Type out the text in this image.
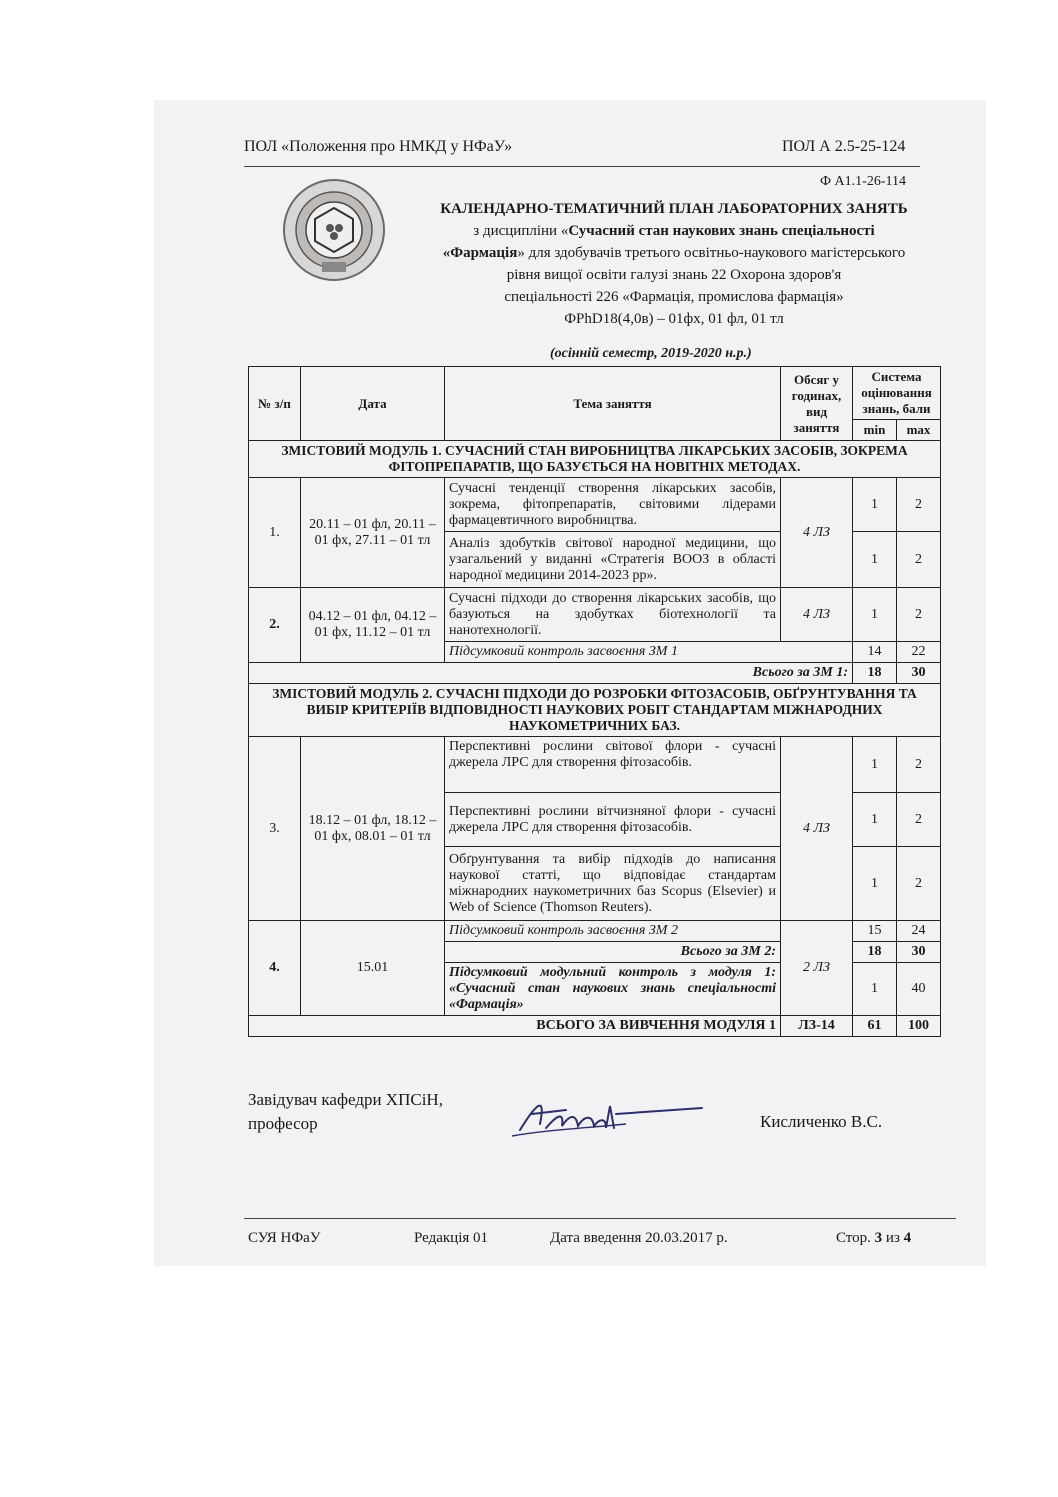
ПОЛ «Положення про НМКД у НФаУ»	ПОЛ А 2.5-25-124
Ф А1.1-26-114
КАЛЕНДАРНО-ТЕМАТИЧНИЙ ПЛАН ЛАБОРАТОРНИХ ЗАНЯТЬ
з дисципліни «Сучасний стан наукових знань спеціальності
«Фармація» для здобувачів третього освітньо-наукового магістерського
рівня вищої освіти галузі знань 22 Охорона здоров'я
спеціальності 226 «Фармація, промислова фармація»
ФPhD18(4,0в) – 01фх, 01 фл, 01 тл
(осінній семестр, 2019-2020 н.р.)
№ з/п	Дата	Тема заняття	Обсяг у годинах, вид заняття	Система оцінювання знань, бали	
				min	max
ЗМІСТОВИЙ МОДУЛЬ 1. СУЧАСНИЙ СТАН ВИРОБНИЦТВА ЛІКАРСЬКИХ ЗАСОБІВ, ЗОКРЕМА ФІТОПРЕПАРАТІВ, ЩО БАЗУЄТЬСЯ НА НОВІТНІХ МЕТОДАХ.					
1.	20.11 – 01 фл, 20.11 – 01 фх, 27.11 – 01 тл	Сучасні тенденції створення лікарських засобів, зокрема, фітопрепаратів, світовими лідерами фармацевтичного виробництва.	4 ЛЗ	1	2
		Аналіз здобутків світової народної медицини, що узагальений у виданні «Стратегія ВООЗ в області народної медицини 2014-2023 рр».		1	2
2.	04.12 – 01 фл, 04.12 – 01 фх, 11.12 – 01 тл	Сучасні підходи до створення лікарських засобів, що базуються на здобутках біотехнології та нанотехнології.	4 ЛЗ	1	2
		Підсумковий контроль засвоєння ЗМ 1		14	22
Всього за ЗМ 1:				18	30
ЗМІСТОВИЙ МОДУЛЬ 2. СУЧАСНІ ПІДХОДИ ДО РОЗРОБКИ ФІТОЗАСОБІВ, ОБҐРУНТУВАННЯ ТА ВИБІР КРИТЕРІЇВ ВІДПОВІДНОСТІ НАУКОВИХ РОБІТ СТАНДАРТАМ МІЖНАРОДНИХ НАУКОМЕТРИЧНИХ БАЗ.					
3.	18.12 – 01 фл, 18.12 – 01 фх, 08.01 – 01 тл	Перспективні рослини світової флори - сучасні джерела ЛРС для створення фітозасобів.	4 ЛЗ	1	2
		Перспективні рослини вітчизняної флори - сучасні джерела ЛРС для створення фітозасобів.		1	2
		Обґрунтування та вибір підходів до написання наукової статті, що відповідає стандартам міжнародних наукометричних баз Scopus (Elsevier) и Web of Science (Thomson Reuters).		1	2
4.	15.01	Підсумковий контроль засвоєння ЗМ 2	2 ЛЗ	15	24
		Всього за ЗМ 2:		18	30
		Підсумковий модульний контроль з модуля 1: «Сучасний стан наукових знань спеціальності «Фармація»		1	40
ВСЬОГО ЗА ВИВЧЕННЯ МОДУЛЯ 1			ЛЗ-14	61	100
Завідувач кафедри ХПСіН,
професор	Кисличенко В.С.
СУЯ НФаУ	Редакція 01	Дата введення 20.03.2017 р.	Стор. 3 из 4
